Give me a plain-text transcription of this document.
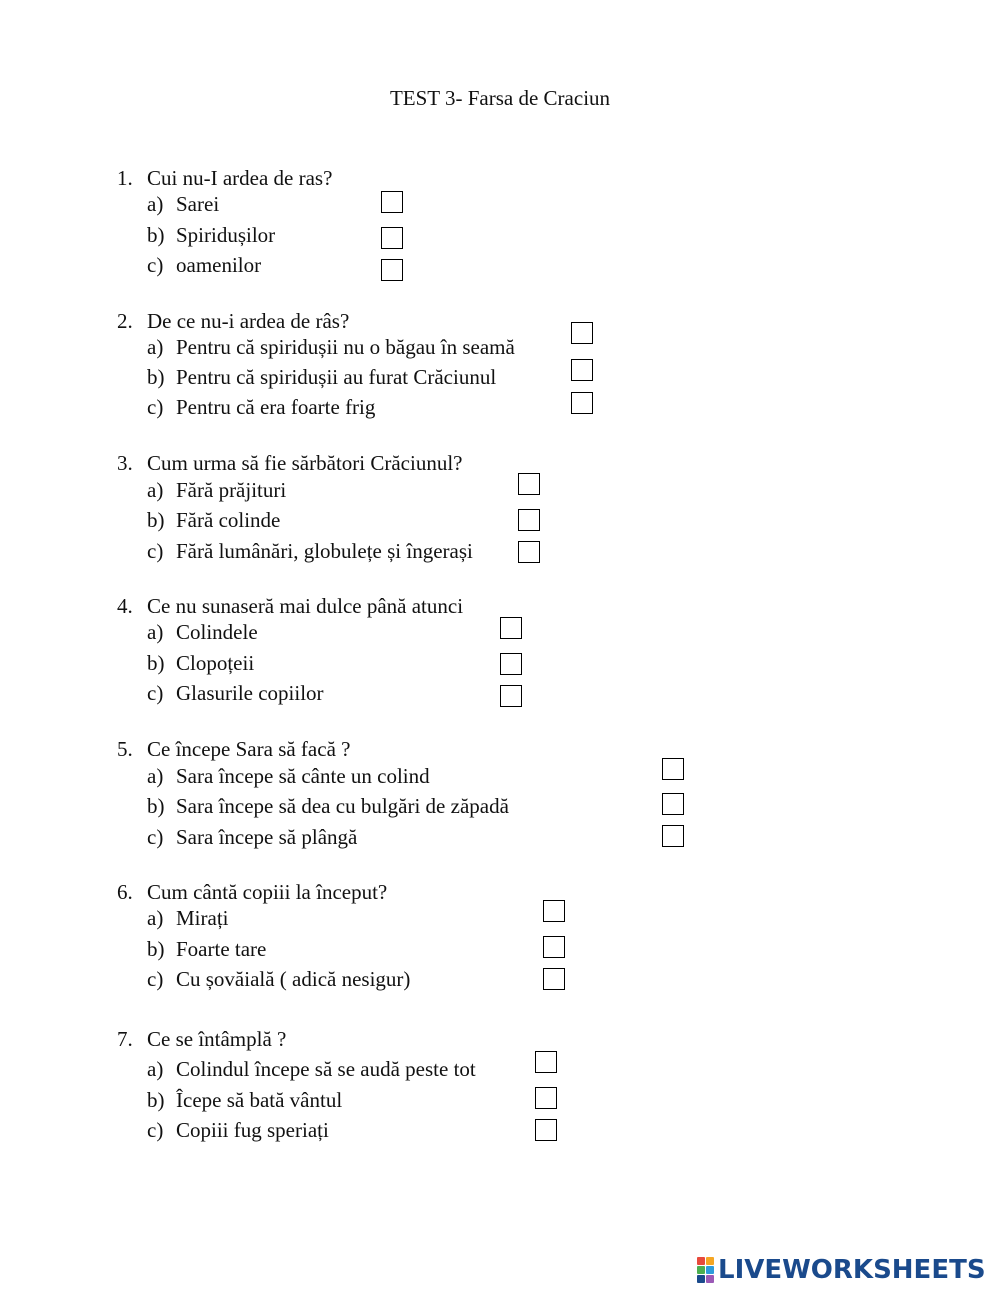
TEST 3- Farsa de Craciun
1. Cui nu-I ardea de ras?
a) Sarei
b) Spiridușilor
c) oamenilor
2. De ce nu-i ardea de râs?
a) Pentru că spiridușii nu o băgau în seamă
b) Pentru că spiridușii au furat Crăciunul
c) Pentru că era foarte frig
3. Cum urma să fie sărbători Crăciunul?
a) Fără prăjituri
b) Fără colinde
c) Fără lumânări, globulețe și îngerași
4. Ce nu sunaseră mai dulce până atunci
a) Colindele
b) Clopoțeii
c) Glasurile copiilor
5. Ce începe Sara să facă ?
a) Sara începe să cânte un colind
b) Sara începe să dea cu bulgări de zăpadă
c) Sara începe să plângă
6. Cum cântă copiii la început?
a) Mirați
b) Foarte tare
c) Cu șovăială ( adică nesigur)
7. Ce se întâmplă ?
a) Colindul începe să se audă peste tot
b) Îcepe să bată vântul
c) Copiii fug speriați
LIVEWORKSHEETS
